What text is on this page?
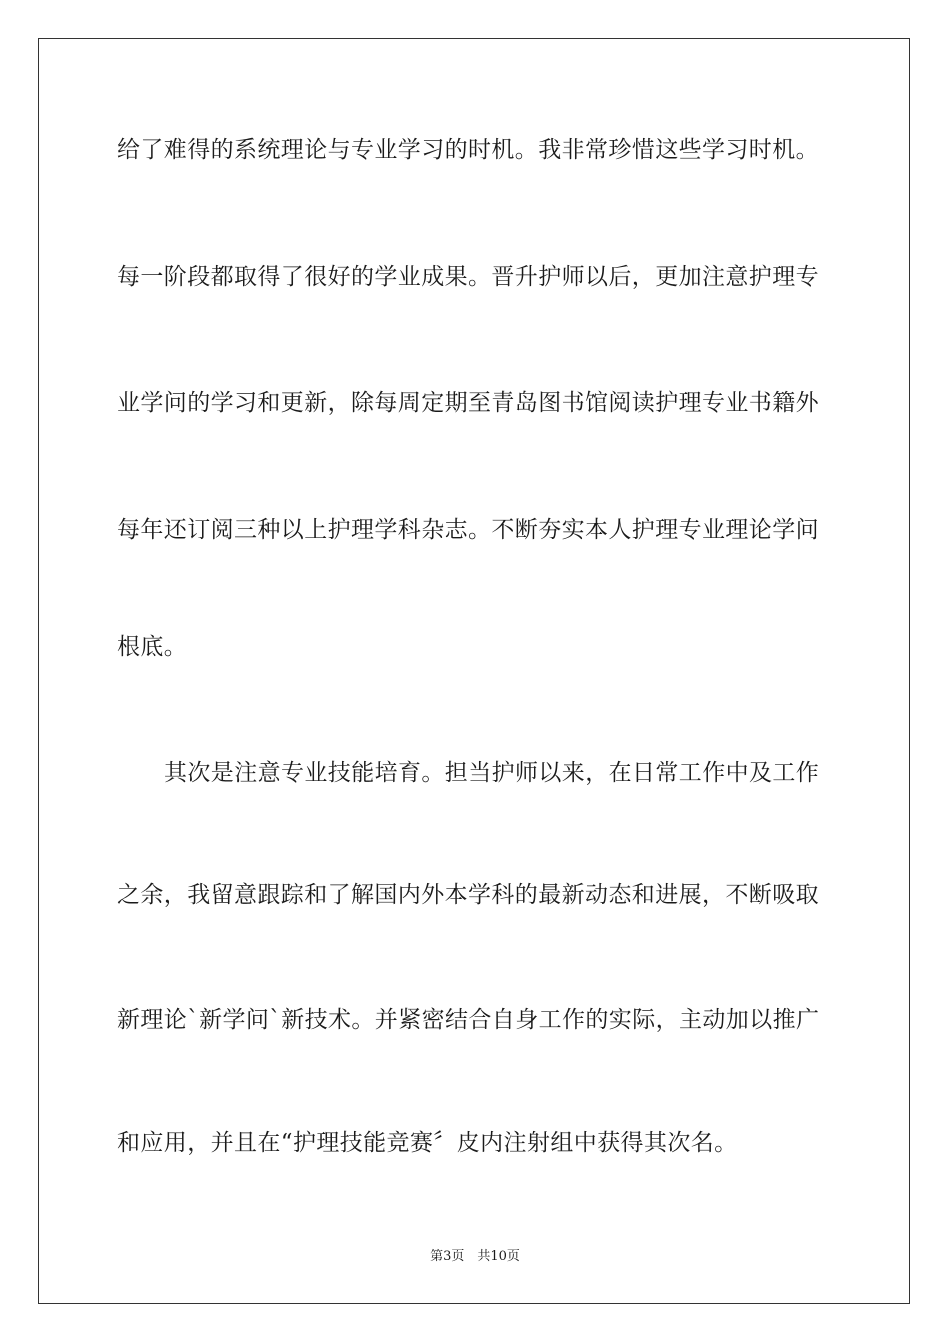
给了难得的系统理论与专业学习的时机。我非常珍惜这些学习时机。
每一阶段都取得了很好的学业成果。晋升护师以后，更加注意护理专
业学问的学习和更新，除每周定期至青岛图书馆阅读护理专业书籍外
每年还订阅三种以上护理学科杂志。不断夯实本人护理专业理论学问
根底。
其次是注意专业技能培育。担当护师以来，在日常工作中及工作
之余，我留意跟踪和了解国内外本学科的最新动态和进展，不断吸取
新理论`新学问`新技术。并紧密结合自身工作的实际，主动加以推广
和应用，并且在“护理技能竞赛〞皮内注射组中获得其次名。
第3页　共10页
